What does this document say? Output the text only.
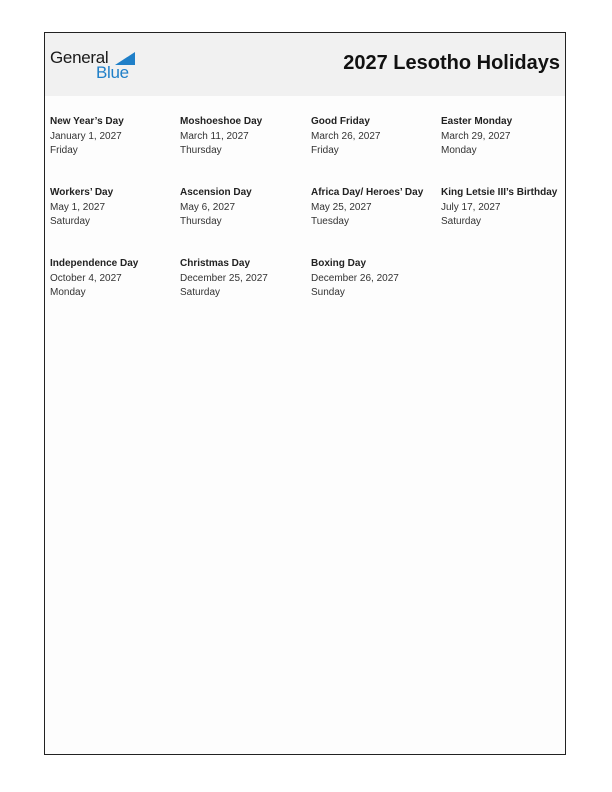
General
Blue	2027 Lesotho Holidays
New Year’s Day
January 1, 2027
Friday
Moshoeshoe Day
March 11, 2027
Thursday
Good Friday
March 26, 2027
Friday
Easter Monday
March 29, 2027
Monday
Workers’ Day
May 1, 2027
Saturday
Ascension Day
May 6, 2027
Thursday
Africa Day/ Heroes’ Day
May 25, 2027
Tuesday
King Letsie III’s Birthday
July 17, 2027
Saturday
Independence Day
October 4, 2027
Monday
Christmas Day
December 25, 2027
Saturday
Boxing Day
December 26, 2027
Sunday
